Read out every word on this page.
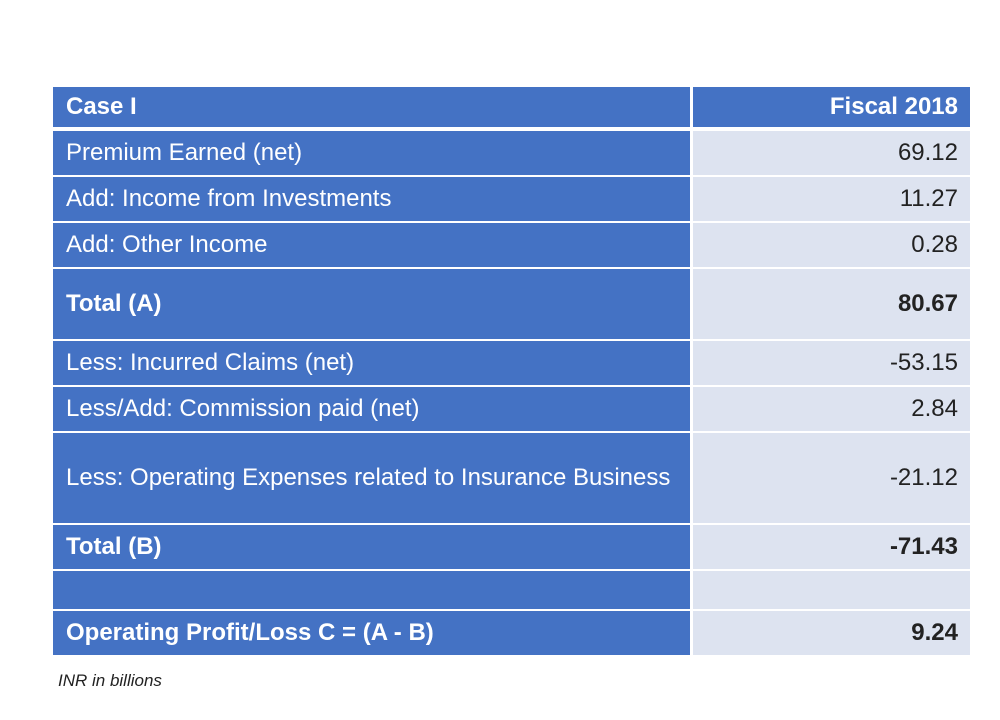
Case I	Fiscal 2018
Premium Earned (net)	69.12
Add: Income from Investments	11.27
Add: Other Income	0.28
Total (A)	80.67
Less: Incurred Claims (net)	-53.15
Less/Add: Commission paid (net)	2.84
Less: Operating Expenses related to Insurance Business	-21.12
Total (B)	-71.43

Operating Profit/Loss C = (A - B)	9.24
INR in billions
